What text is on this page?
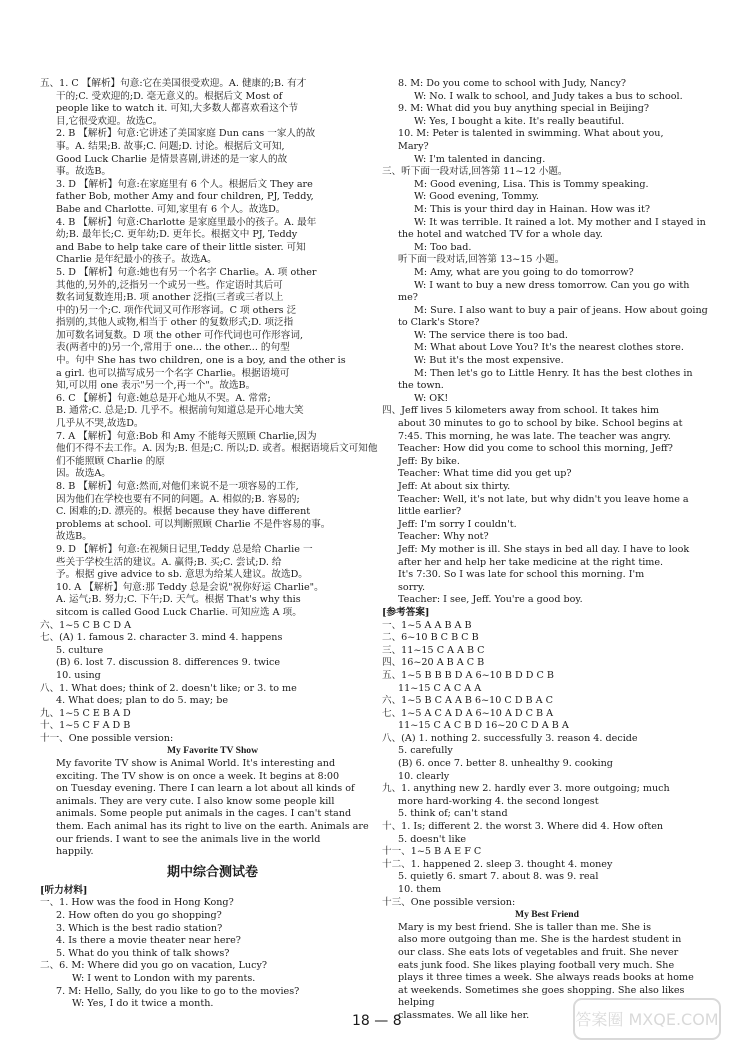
五、1. C 【解析】句意:它在美国很受欢迎。A. 健康的;B. 有才
干的;C. 受欢迎的;D. 毫无意义的。根据后文 Most of
people like to watch it. 可知,大多数人都喜欢看这个节
目,它很受欢迎。故选C。
2. B 【解析】句意:它讲述了美国家庭 Dun cans 一家人的故
事。A. 结果;B. 故事;C. 问题;D. 讨论。根据后文可知,
Good Luck Charlie 是情景喜剧,讲述的是一家人的故
事。故选B。
3. D 【解析】句意:在家庭里有 6 个人。根据后文 They are
father Bob, mother Amy and four children, PJ, Teddy,
Babe and Charlotte. 可知,家里有 6 个人。故选D。
4. B 【解析】句意:Charlotte 是家庭里最小的孩子。A. 最年
幼;B. 最年长;C. 更年幼;D. 更年长。根据文中 PJ, Teddy
and Babe to help take care of their little sister. 可知
Charlie 是年纪最小的孩子。故选A。
5. D 【解析】句意:她也有另一个名字 Charlie。A. 项 other
其他的,另外的,泛指另一个或另一些。作定语时其后可
数名词复数连用;B. 项 another 泛指(三者或三者以上
中的)另一个;C. 项作代词又可作形容词。C 项 others 泛
指别的,其他人或物,相当于 other 的复数形式;D. 项泛指
加可数名词复数。D 项 the other 可作代词也可作形容词,
表(两者中的)另一个,常用于 one... the other... 的句型
中。句中 She has two children, one is a boy, and the other is
a girl. 也可以描写成另一个名字 Charlie。根据语境可
知,可以用 one 表示"另一个,再一个"。故选B。
6. C 【解析】句意:她总是开心地从不哭。A. 常常;
B. 通常;C. 总是;D. 几乎不。根据前句知道总是开心地大笑
几乎从不哭,故选D。
7. A 【解析】句意:Bob 和 Amy 不能每天照顾 Charlie,因为
他们不得不去工作。A. 因为;B. 但是;C. 所以;D. 或者。根据语境后文可知他们不能照顾 Charlie 的原
因。故选A。
8. B 【解析】句意:然而,对他们来说不是一项容易的工作,
因为他们在学校也要有不同的问题。A. 相似的;B. 容易的;
C. 困难的;D. 漂亮的。根据 because they have different
problems at school. 可以判断照顾 Charlie 不是件容易的事。
故选B。
9. D 【解析】句意:在视频日记里,Teddy 总是给 Charlie 一
些关于学校生活的建议。A. 赢得;B. 买;C. 尝试;D. 给
予。根据 give advice to sb. 意思为给某人建议。故选D。
10. A 【解析】句意:那 Teddy 总是会说"祝你好运 Charlie"。
A. 运气;B. 努力;C. 下午;D. 天气。根据 That's why this
sitcom is called Good Luck Charlie. 可知应选 A 项。
六、1~5 C B C D A
七、(A) 1. famous 2. character 3. mind 4. happens
5. culture
(B) 6. lost 7. discussion 8. differences 9. twice
10. using
八、1. What does; think of 2. doesn't like; or 3. to me
4. What does; plan to do 5. may; be
九、1~5 C E B A D
十、1~5 C F A D B
十一、One possible version:
My Favorite TV Show
My favorite TV show is Animal World. It's interesting and
exciting. The TV show is on once a week. It begins at 8:00
on Tuesday evening. There I can learn a lot about all kinds of
animals. They are very cute. I also know some people kill
animals. Some people put animals in the cages. I can't stand
them. Each animal has its right to live on the earth. Animals are
our friends. I want to see the animals live in the world
happily.
期中综合测试卷
[听力材料]
一、1. How was the food in Hong Kong?
2. How often do you go shopping?
3. Which is the best radio station?
4. Is there a movie theater near here?
5. What do you think of talk shows?
二、6. M: Where did you go on vacation, Lucy?
W: I went to London with my parents.
7. M: Hello, Sally, do you like to go to the movies?
W: Yes, I do it twice a month.
8. M: Do you come to school with Judy, Nancy?
W: No. I walk to school, and Judy takes a bus to school.
9. M: What did you buy anything special in Beijing?
W: Yes, I bought a kite. It's really beautiful.
10. M: Peter is talented in swimming. What about you,
Mary?
W: I'm talented in dancing.
三、听下面一段对话,回答第 11~12 小题。
M: Good evening, Lisa. This is Tommy speaking.
W: Good evening, Tommy.
M: This is your third day in Hainan. How was it?
W: It was terrible. It rained a lot. My mother and I stayed in
the hotel and watched TV for a whole day.
M: Too bad.
听下面一段对话,回答第 13~15 小题。
M: Amy, what are you going to do tomorrow?
W: I want to buy a new dress tomorrow. Can you go with
me?
M: Sure. I also want to buy a pair of jeans. How about going
to Clark's Store?
W: The service there is too bad.
M: What about Love You? It's the nearest clothes store.
W: But it's the most expensive.
M: Then let's go to Little Henry. It has the best clothes in
the town.
W: OK!
四、Jeff lives 5 kilometers away from school. It takes him
about 30 minutes to go to school by bike. School begins at
7:45. This morning, he was late. The teacher was angry.
Teacher: How did you come to school this morning, Jeff?
Jeff: By bike.
Teacher: What time did you get up?
Jeff: At about six thirty.
Teacher: Well, it's not late, but why didn't you leave home a
little earlier?
Jeff: I'm sorry I couldn't.
Teacher: Why not?
Jeff: My mother is ill. She stays in bed all day. I have to look
after her and help her take medicine at the right time.
It's 7:30. So I was late for school this morning. I'm
sorry.
Teacher: I see, Jeff. You're a good boy.
[参考答案]
一、1~5 A A B A B
二、6~10 B C B C B
三、11~15 C A A B C
四、16~20 A B A C B
五、1~5 B B B D A 6~10 B D D C B
11~15 C A C A A
六、1~5 B C A A B 6~10 C D B A C
七、1~5 A C A D A 6~10 A D C B A
11~15 C A C B D 16~20 C D A B A
八、(A) 1. nothing 2. successfully 3. reason 4. decide
5. carefully
(B) 6. once 7. better 8. unhealthy 9. cooking
10. clearly
九、1. anything new 2. hardly ever 3. more outgoing; much
more hard-working 4. the second longest
5. think of; can't stand
十、1. Is; different 2. the worst 3. Where did 4. How often
5. doesn't like
十一、1~5 B A E F C
十二、1. happened 2. sleep 3. thought 4. money
5. quietly 6. smart 7. about 8. was 9. real
10. them
十三、One possible version:
My Best Friend
Mary is my best friend. She is taller than me. She is
also more outgoing than me. She is the hardest student in
our class. She eats lots of vegetables and fruit. She never
eats junk food. She likes playing football very much. She
plays it three times a week. She always reads books at home
at weekends. Sometimes she goes shopping. She also likes helping
classmates. We all like her.
18 — 8	答案圈 MXQE.COM
